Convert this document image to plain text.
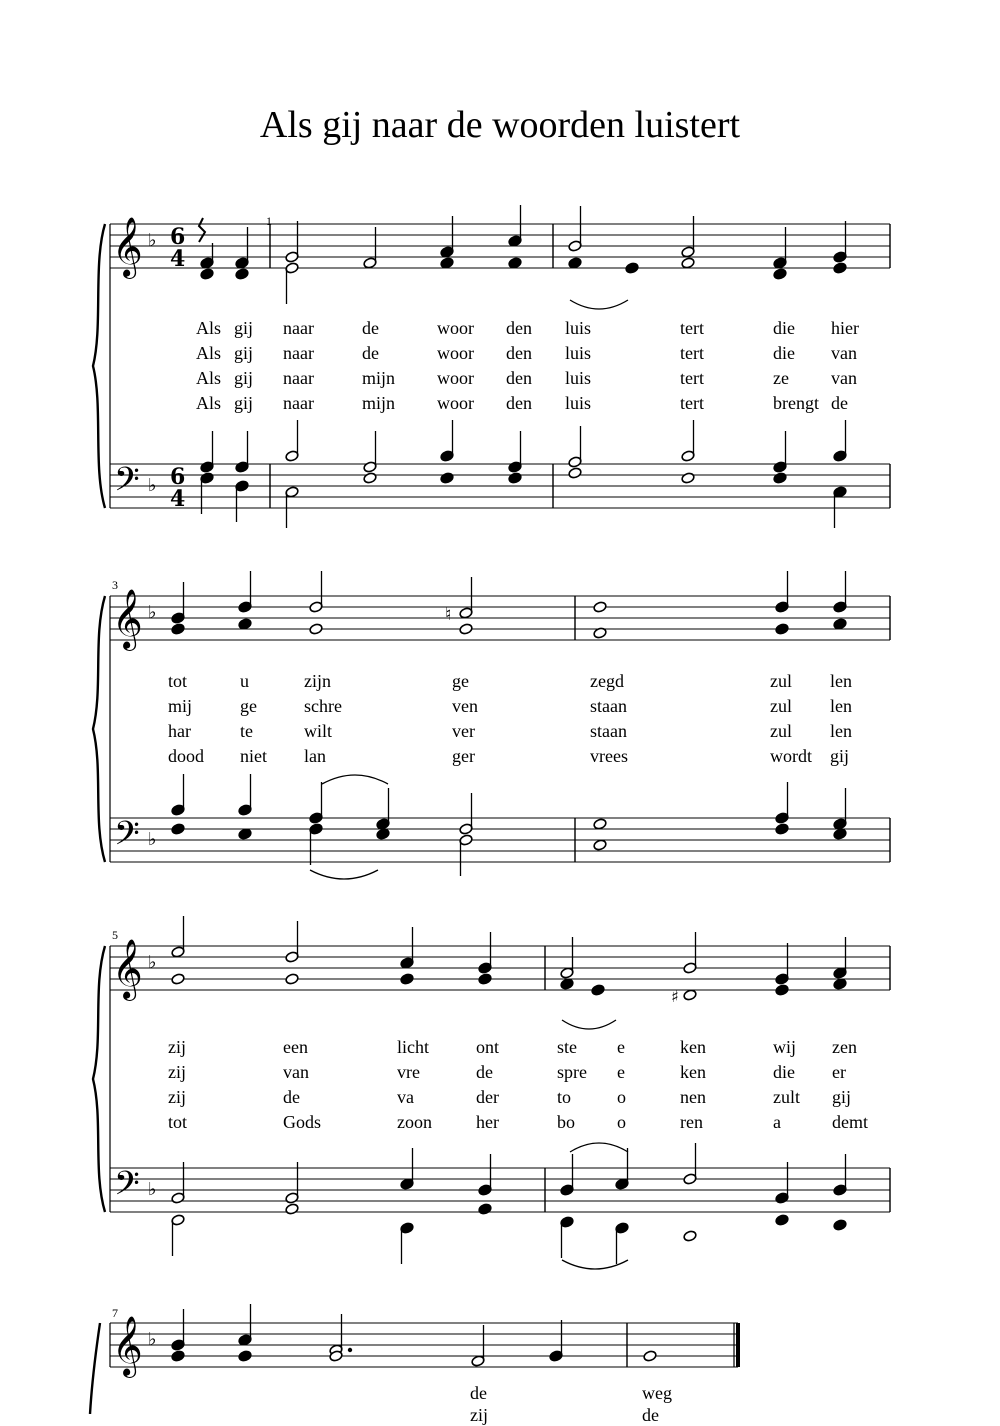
Als gij naar de woorden luistert
𝄞
𝄢
♭
♭
6
4
6
4
𝄞
𝄢
♭
♭
♮
𝄞
𝄢
♭
♭
♯
𝄞 ♭
1
3
5
7
Als gij naar	de	woor den luis	tert	die hier
Als gij naar	de	woor den luis	tert	die van
Als gij naar	mijn woor den luis	tert	ze van
Als gij naar	mijn woor den luis	tert	brengt de
tot	u	zijn	ge	zegd	zul len
mij	ge	schre	ven	staan	zul len
har	te	wilt	ver	staan	zul len
dood niet lan	ger	vrees	wordt gij
zij	een	licht	ont	ste e	ken	wij zen
zij	van	vre	de	spre e	ken	die er
zij	de	va	der	to	o	nen	zult gij
tot	Gods	zoon her	bo o	ren	a	demt
de	weg
zij	de
